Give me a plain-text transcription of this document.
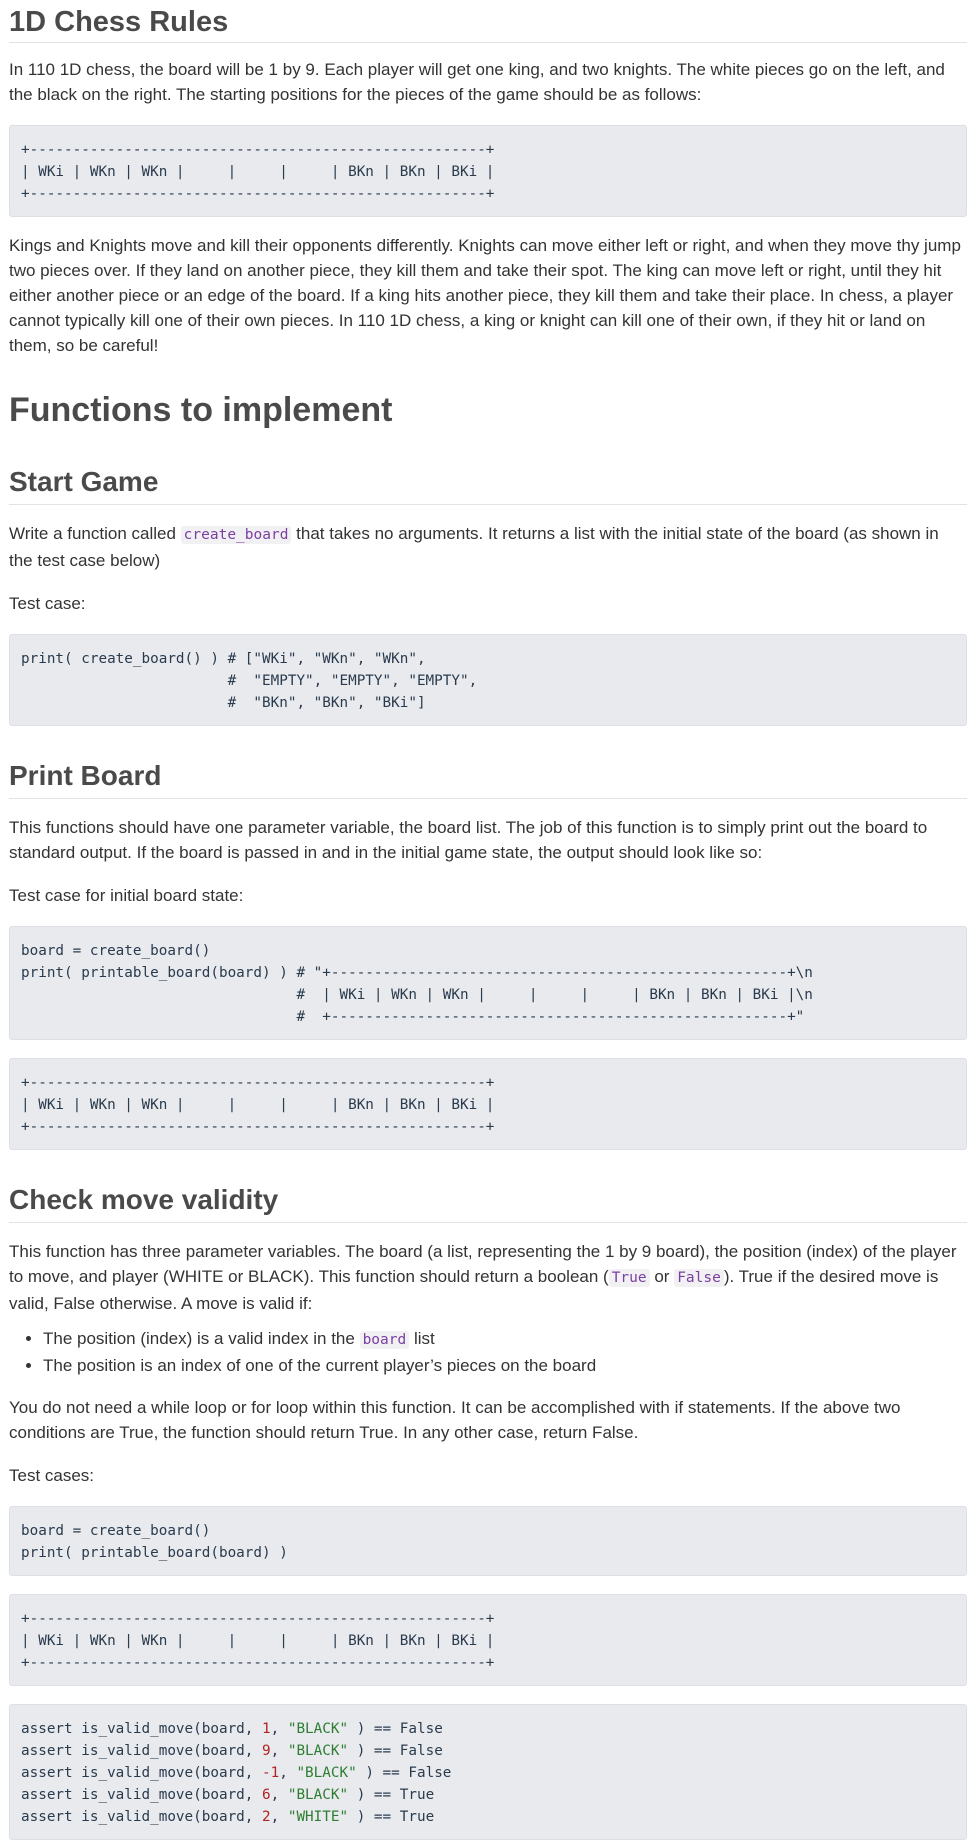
1D Chess Rules

In 110 1D chess, the board will be 1 by 9. Each player will get one king, and two knights. The white pieces go on the left, and the black on the right. The starting positions for the pieces of the game should be as follows:

+-----------------------------------------------------+
| WKi | WKn | WKn |     |     |     | BKn | BKn | BKi |
+-----------------------------------------------------+

Kings and Knights move and kill their opponents differently. Knights can move either left or right, and when they move thy jump two pieces over. If they land on another piece, they kill them and take their spot. The king can move left or right, until they hit either another piece or an edge of the board. If a king hits another piece, they kill them and take their place. In chess, a player cannot typically kill one of their own pieces. In 110 1D chess, a king or knight can kill one of their own, if they hit or land on them, so be careful!

Functions to implement
Start Game

Write a function called create_board that takes no arguments. It returns a list with the initial state of the board (as shown in the test case below)

Test case:

print( create_board() ) # ["WKi", "WKn", "WKn",
#  "EMPTY", "EMPTY", "EMPTY",
#  "BKn", "BKn", "BKi"]
Print Board

This functions should have one parameter variable, the board list. The job of this function is to simply print out the board to standard output. If the board is passed in and in the initial game state, the output should look like so:

Test case for initial board state:

board = create_board()
print( printable_board(board) ) # "+-----------------------------------------------------+\n
#  | WKi | WKn | WKn |     |     |     | BKn | BKn | BKi |\n
#  +-----------------------------------------------------+"
+-----------------------------------------------------+
| WKi | WKn | WKn |     |     |     | BKn | BKn | BKi |
+-----------------------------------------------------+
Check move validity

This function has three parameter variables. The board (a list, representing the 1 by 9 board), the position (index) of the player to move, and player (WHITE or BLACK). This function should return a boolean ( True or False ). True if the desired move is valid, False otherwise. A move is valid if:

• The position (index) is a valid index in the board list
• The position is an index of one of the current player’s pieces on the board

You do not need a while loop or for loop within this function. It can be accomplished with if statements. If the above two conditions are True, the function should return True. In any other case, return False.

Test cases:

board = create_board()
print( printable_board(board) )
+-----------------------------------------------------+
| WKi | WKn | WKn |     |     |     | BKn | BKn | BKi |
+-----------------------------------------------------+
assert is_valid_move(board, 1, "BLACK" ) == False
assert is_valid_move(board, 9, "BLACK" ) == False
assert is_valid_move(board, -1, "BLACK" ) == False
assert is_valid_move(board, 6, "BLACK" ) == True
assert is_valid_move(board, 2, "WHITE" ) == True
